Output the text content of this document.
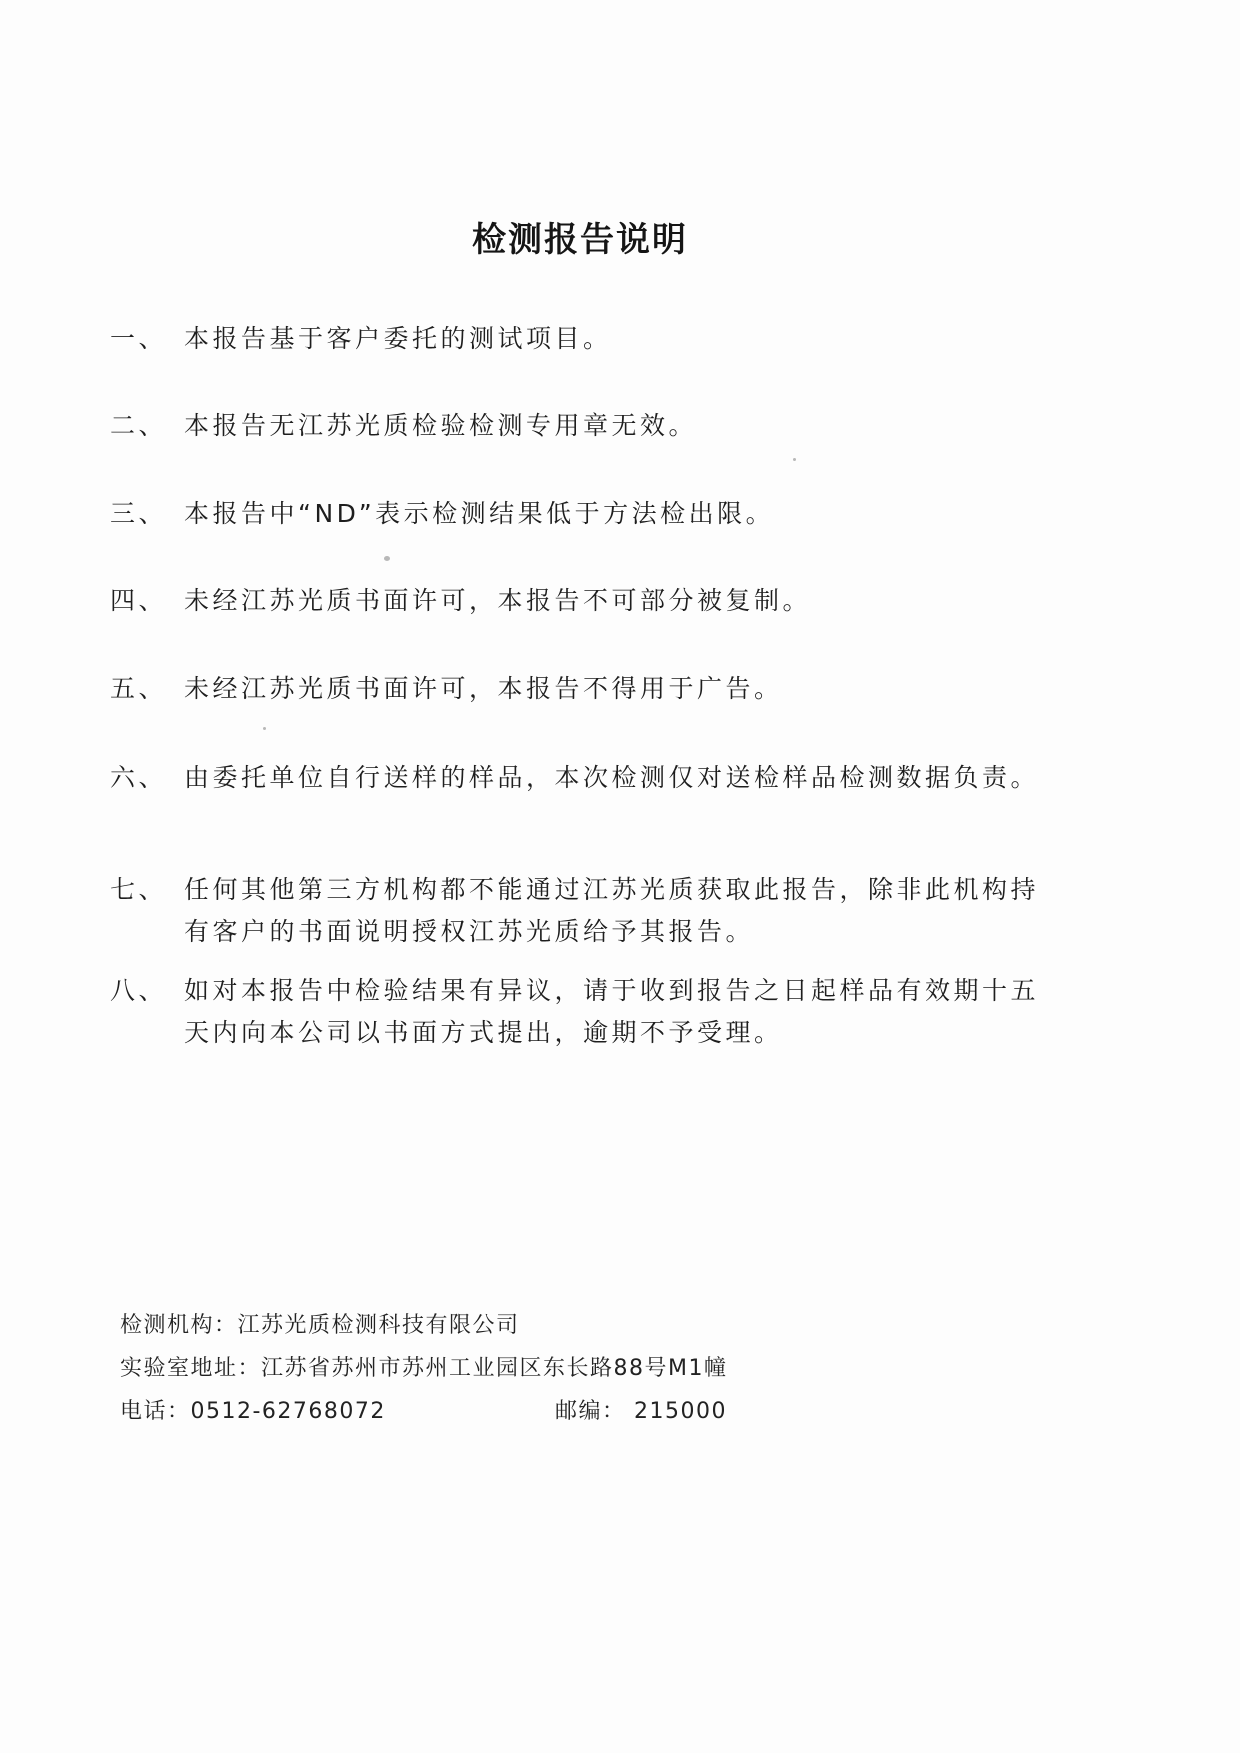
检测报告说明
一、 本报告基于客户委托的测试项目。
二、 本报告无江苏光质检验检测专用章无效。
三、 本报告中“ND”表示检测结果低于方法检出限。
四、 未经江苏光质书面许可，本报告不可部分被复制。
五、 未经江苏光质书面许可，本报告不得用于广告。
六、 由委托单位自行送样的样品，本次检测仅对送检样品检测数据负责。
七、 任何其他第三方机构都不能通过江苏光质获取此报告，除非此机构持有客户的书面说明授权江苏光质给予其报告。
八、 如对本报告中检验结果有异议，请于收到报告之日起样品有效期十五天内向本公司以书面方式提出，逾期不予受理。
检测机构：江苏光质检测科技有限公司
实验室地址：江苏省苏州市苏州工业园区东长路88号M1幢
电话：0512-62768072	邮编： 215000
